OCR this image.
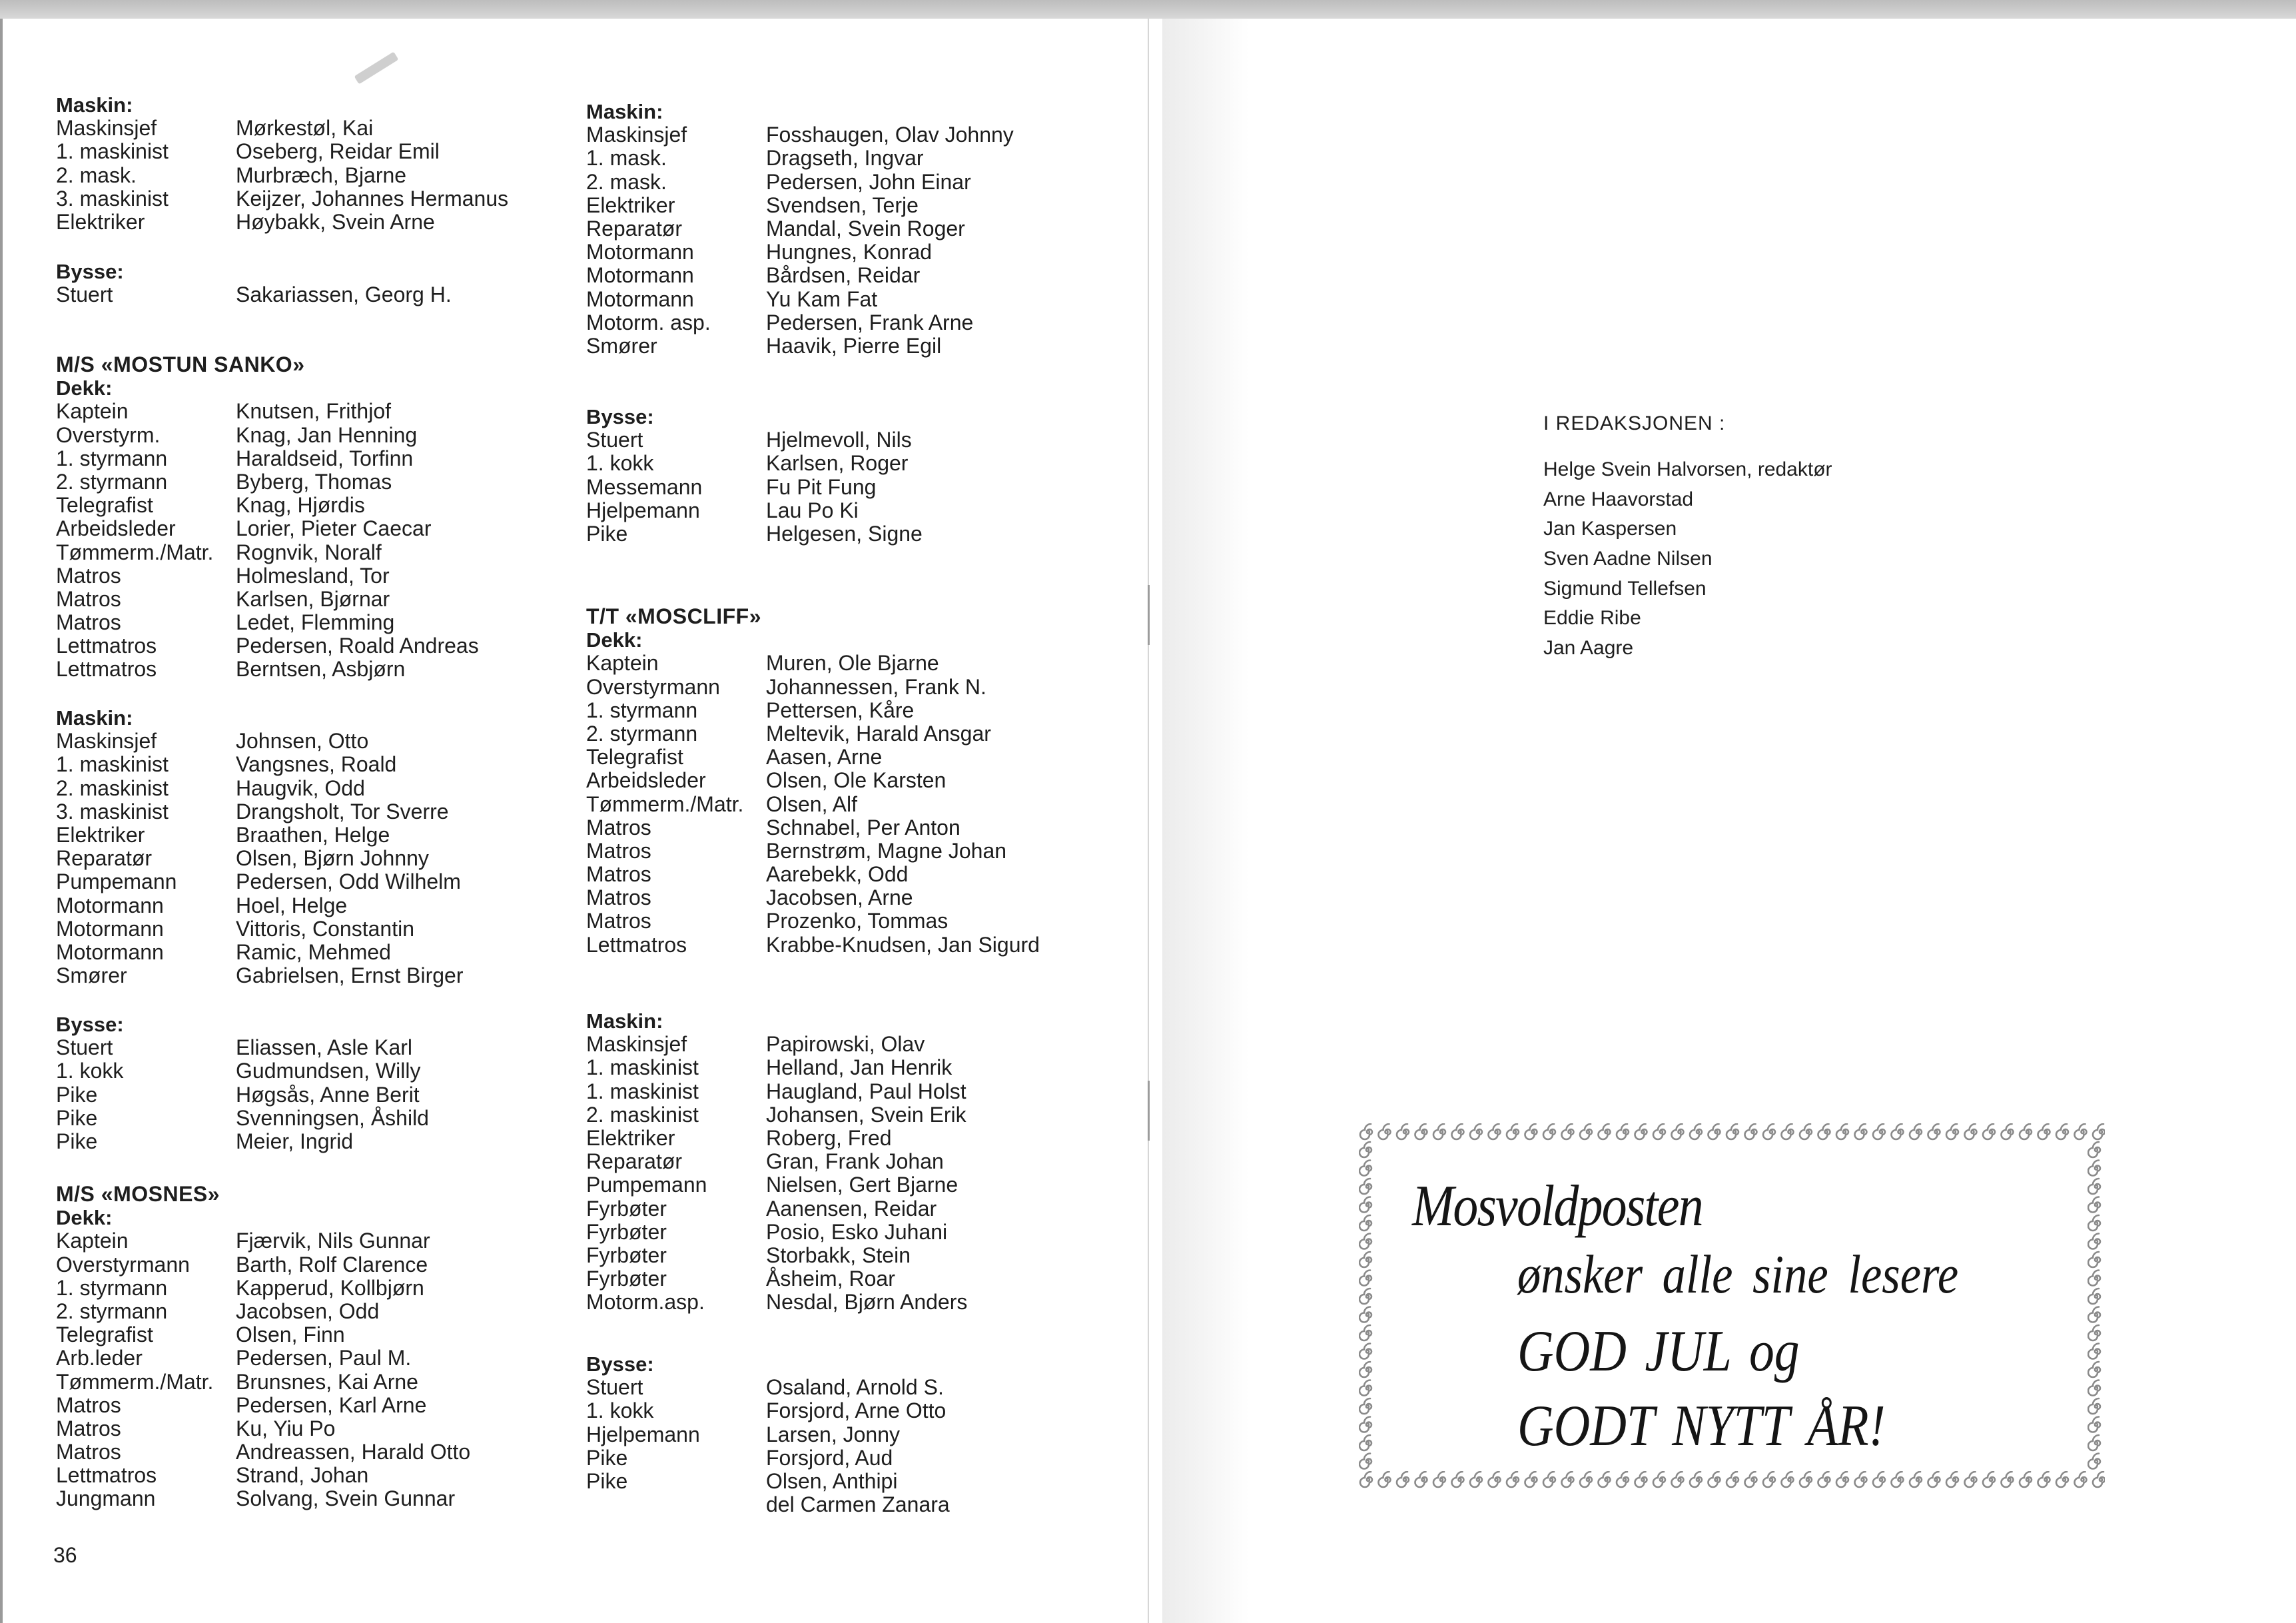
Maskin:
Maskinsjef	Mørkestøl, Kai
1. maskinist	Oseberg, Reidar Emil
2. mask.	Murbræch, Bjarne
3. maskinist	Keijzer, Johannes Hermanus
Elektriker	Høybakk, Svein Arne
Bysse:
Stuert	Sakariassen, Georg H.
M/S «MOSTUN SANKO»
Dekk:
Kaptein	Knutsen, Frithjof
Overstyrm.	Knag, Jan Henning
1. styrmann	Haraldseid, Torfinn
2. styrmann	Byberg, Thomas
Telegrafist	Knag, Hjørdis
Arbeidsleder	Lorier, Pieter Caecar
Tømmerm./Matr. Rognvik, Noralf
Matros	Holmesland, Tor
Matros	Karlsen, Bjørnar
Matros	Ledet, Flemming
Lettmatros	Pedersen, Roald Andreas
Lettmatros	Berntsen, Asbjørn
Maskin:
Maskinsjef	Johnsen, Otto
1. maskinist	Vangsnes, Roald
2. maskinist	Haugvik, Odd
3. maskinist	Drangsholt, Tor Sverre
Elektriker	Braathen, Helge
Reparatør	Olsen, Bjørn Johnny
Pumpemann	Pedersen, Odd Wilhelm
Motormann	Hoel, Helge
Motormann	Vittoris, Constantin
Motormann	Ramic, Mehmed
Smører	Gabrielsen, Ernst Birger
Bysse:
Stuert	Eliassen, Asle Karl
1. kokk	Gudmundsen, Willy
Pike	Høgsås, Anne Berit
Pike	Svenningsen, Åshild
Pike	Meier, Ingrid
M/S «MOSNES»
Dekk:
Kaptein	Fjærvik, Nils Gunnar
Overstyrmann Barth, Rolf Clarence
1. styrmann	Kapperud, Kollbjørn
2. styrmann	Jacobsen, Odd
Telegrafist	Olsen, Finn
Arb.leder	Pedersen, Paul M.
Tømmerm./Matr. Brunsnes, Kai Arne
Matros	Pedersen, Karl Arne
Matros	Ku, Yiu Po
Matros	Andreassen, Harald Otto
Lettmatros	Strand, Johan
Jungmann	Solvang, Svein Gunnar
Maskin:
Maskinsjef	Fosshaugen, Olav Johnny
1. mask.	Dragseth, Ingvar
2. mask.	Pedersen, John Einar
Elektriker	Svendsen, Terje
Reparatør	Mandal, Svein Roger
Motormann	Hungnes, Konrad
Motormann	Bårdsen, Reidar
Motormann	Yu Kam Fat
Motorm. asp.	Pedersen, Frank Arne
Smører	Haavik, Pierre Egil
Bysse:
Stuert	Hjelmevoll, Nils
1. kokk	Karlsen, Roger
Messemann	Fu Pit Fung
Hjelpemann	Lau Po Ki
Pike	Helgesen, Signe
T/T «MOSCLIFF»
Dekk:
Kaptein	Muren, Ole Bjarne
Overstyrmann Johannessen, Frank N.
1. styrmann	Pettersen, Kåre
2. styrmann	Meltevik, Harald Ansgar
Telegrafist	Aasen, Arne
Arbeidsleder	Olsen, Ole Karsten
Tømmerm./Matr. Olsen, Alf
Matros	Schnabel, Per Anton
Matros	Bernstrøm, Magne Johan
Matros	Aarebekk, Odd
Matros	Jacobsen, Arne
Matros	Prozenko, Tommas
Lettmatros	Krabbe-Knudsen, Jan Sigurd
Maskin:
Maskinsjef	Papirowski, Olav
1. maskinist	Helland, Jan Henrik
1. maskinist	Haugland, Paul Holst
2. maskinist	Johansen, Svein Erik
Elektriker	Roberg, Fred
Reparatør	Gran, Frank Johan
Pumpemann	Nielsen, Gert Bjarne
Fyrbøter	Aanensen, Reidar
Fyrbøter	Posio, Esko Juhani
Fyrbøter	Storbakk, Stein
Fyrbøter	Åsheim, Roar
Motorm.asp.	Nesdal, Bjørn Anders
Bysse:
Stuert	Osaland, Arnold S.
1. kokk	Forsjord, Arne Otto
Hjelpemann	Larsen, Jonny
Pike	Forsjord, Aud
Pike	Olsen, Anthipi
del Carmen Zanara
36
I REDAKSJONEN :
Helge Svein Halvorsen, redaktør
Arne Haavorstad
Jan Kaspersen
Sven Aadne Nilsen
Sigmund Tellefsen
Eddie Ribe
Jan Aagre
Mosvoldposten
ønsker alle sine lesere
GOD JUL og
GODT NYTT ÅR!
